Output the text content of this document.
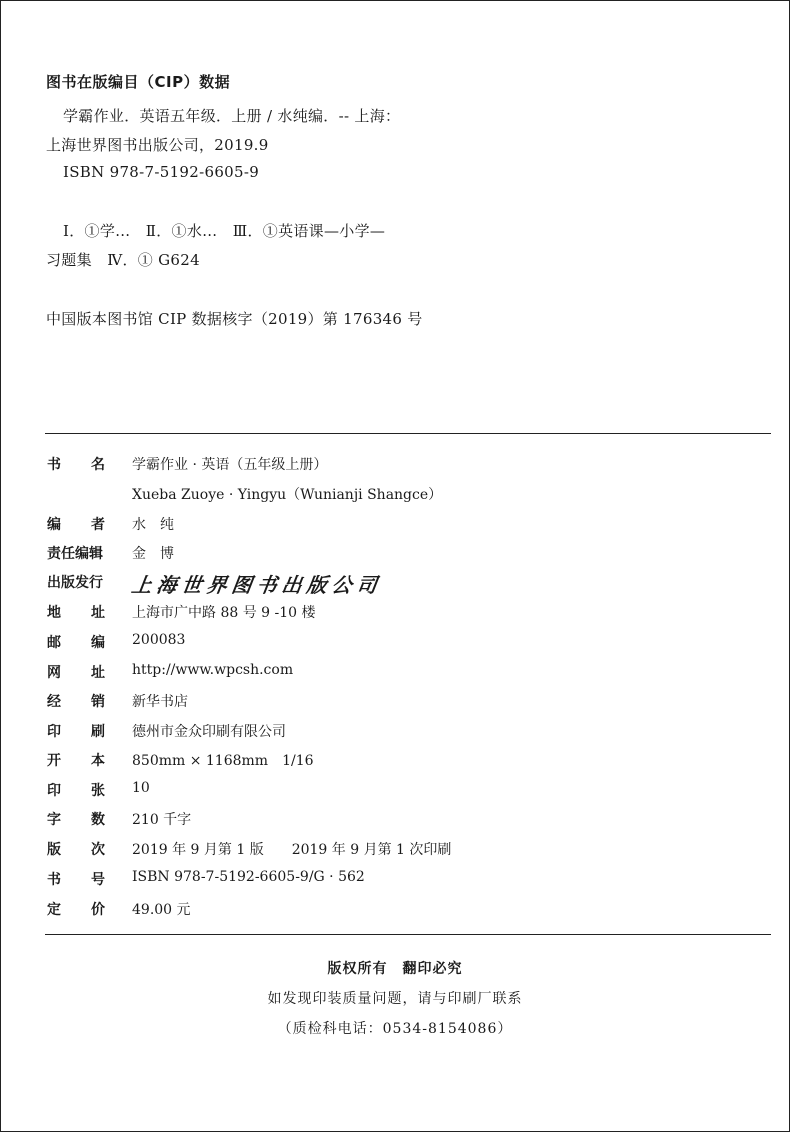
图书在版编目（CIP）数据
学霸作业．英语五年级．上册 / 水纯编．-- 上海：
上海世界图书出版公司，2019.9
ISBN 978-7-5192-6605-9
Ⅰ．①学…　Ⅱ．①水…　Ⅲ．①英语课—小学—
习题集　Ⅳ．① G624
中国版本图书馆 CIP 数据核字（2019）第 176346 号
书 名 学霸作业 · 英语（五年级上册）
Xueba Zuoye · Yingyu（Wunianji Shangce）
编 者 水　纯
责任编辑 金　博
出版发行 上海世界图书出版公司
地 址 上海市广中路 88 号 9 -10 楼
邮 编 200083
网 址 http://www.wpcsh.com
经 销 新华书店
印 刷 德州市金众印刷有限公司
开 本 850mm × 1168mm　1/16
印 张 10
字 数 210 千字
版 次 2019 年 9 月第 1 版　　2019 年 9 月第 1 次印刷
书 号 ISBN 978-7-5192-6605-9/G · 562
定 价 49.00 元
版权所有　翻印必究
如发现印装质量问题，请与印刷厂联系
（质检科电话：0534-8154086）
